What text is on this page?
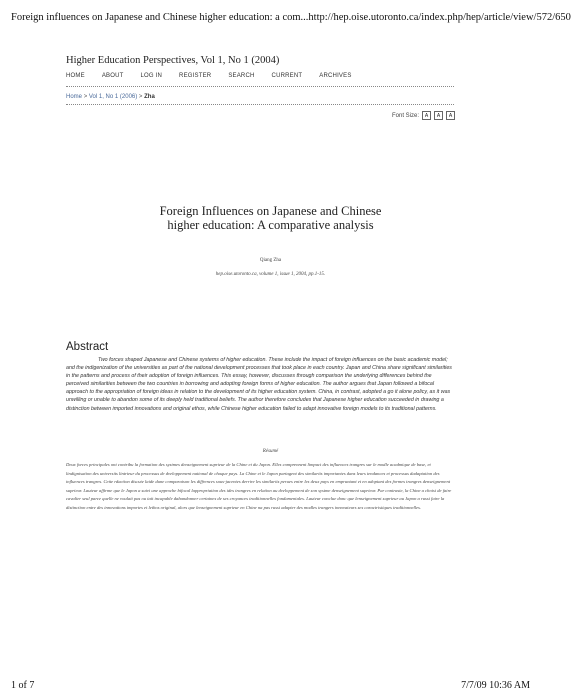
Foreign influences on Japanese and Chinese higher education: a com... http://hep.oise.utoronto.ca/index.php/hep/article/view/572/650
Higher Education Perspectives, Vol 1, No 1 (2004)
HOME	ABOUT	LOG IN	REGISTER	SEARCH	CURRENT	ARCHIVES
Home > Vol 1, No 1 (2006) > Zha
Font Size:	A	A	A
Foreign Influences on Japanese and Chinese
higher education: A comparative analysis
Qiang Zha
hep.oise.utoronto.ca, volume 1, issue 1, 2004, pp.1-15.
Abstract
Two forces shaped Japanese and Chinese systems of higher education. These include the impact of foreign influences on the basic academic model; and the indigenization of the universities as part of the national development processes that took place in each country. Japan and China share significant similarities in the patterns and process of their adoption of foreign influences. This essay, however, discusses through comparison the underlying differences behind the perceived similarities between the two countries in borrowing and adopting foreign forms of higher education. The author argues that Japan followed a bifocal approach to the appropriation of foreign ideas in relation to the development of its higher education system. China, in contrast, adopted a go it alone policy, as it was unwilling or unable to abandon some of its deeply held traditional beliefs. The author therefore concludes that Japanese higher education succeeded in drawing a distinction between imported innovations and original ethos, while Chinese higher education failed to adapt innovative foreign models to its traditional patterns.
Résumé
Deux forces principales ont contribu la formation des systmes denseignement suprieur de la Chine et du Japon. Elles comprennent limpact des influences trangres sur le modle acadmique de base, et lindignisation des universits lintrieur du processus de dveloppement national de chaque pays. La Chine et le Japon partagent des similarits importantes dans leurs tendances et processus dadaptation des influences trangres. Cette rdaction discute laide dune comparaison les diffrences sous-jacentes derrire les similarits perues entre les deux pays en empruntant et en adoptant des formes trangres denseignement suprieur. Lauteur affirme que le Japon a suivi une approche bifocal lappropriation des ides trangres en relation au dveloppement de son systme denseignement suprieur. Par contraste, la Chine a choisi de faire cavalier seul parce quelle ne voulait pas ou tait incapable dabandonner certaines de ses croyances traditionnelles fondamentales. Lauteur conclue donc que lenseignement suprieur au Japon a russi faire la distinction entre des innovations importes et lethos original, alors que lenseignement suprieur en Chine na pas russi adapter des modles trangers innovateurs ses caractristiques traditionnelles.
1 of 7	7/7/09 10:36 AM
